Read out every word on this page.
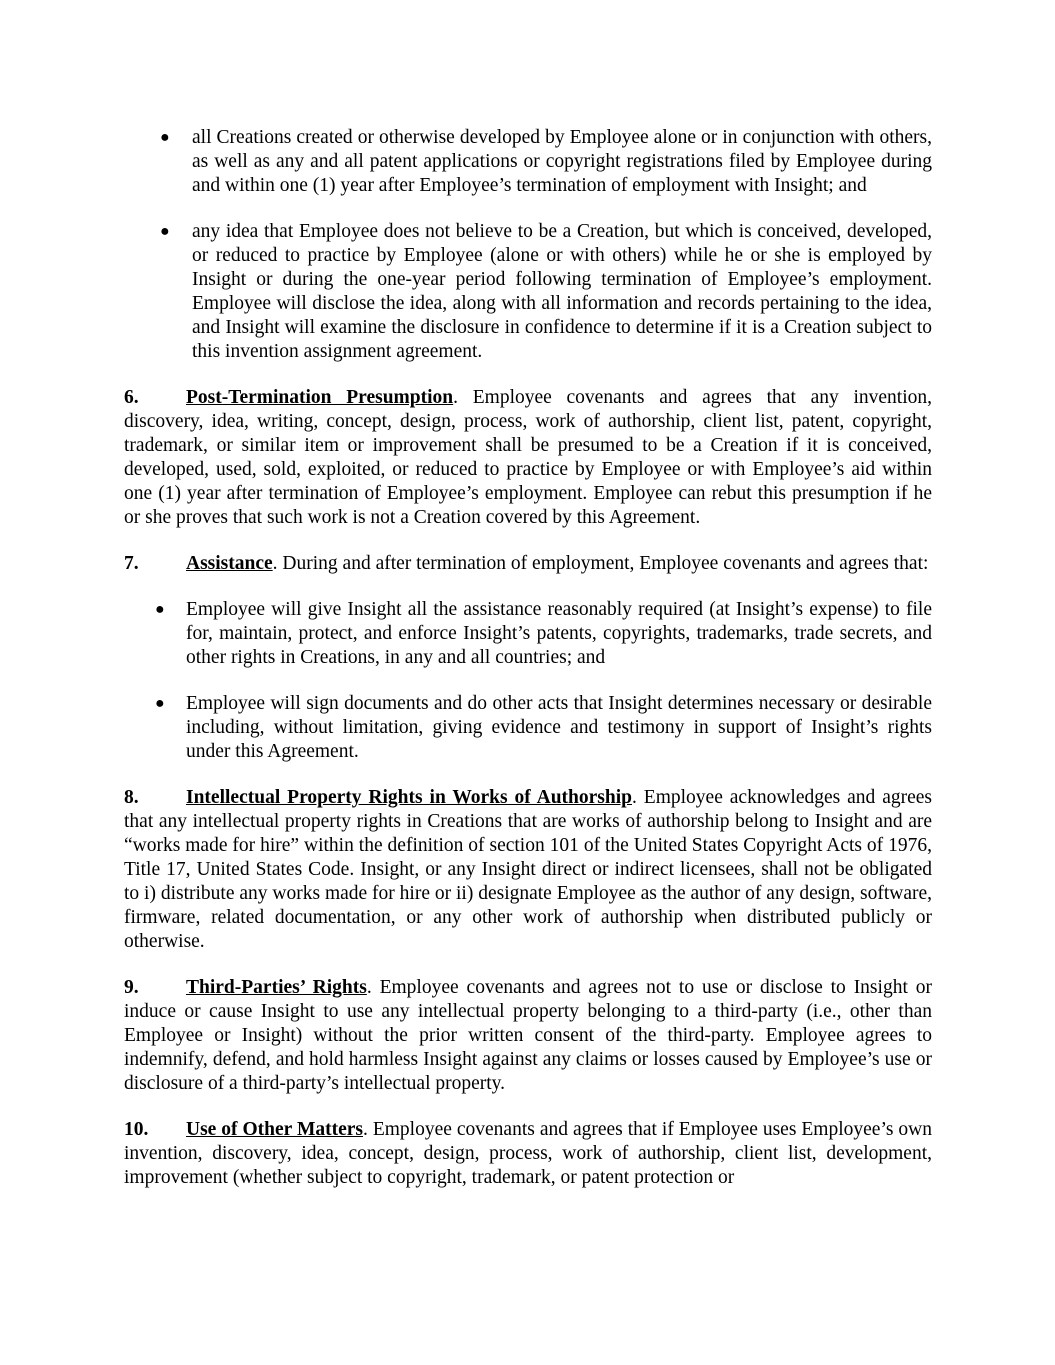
● all Creations created or otherwise developed by Employee alone or in conjunction with others, as well as any and all patent applications or copyright registrations filed by Employee during and within one (1) year after Employee’s termination of employment with Insight; and
● any idea that Employee does not believe to be a Creation, but which is conceived, developed, or reduced to practice by Employee (alone or with others) while he or she is employed by Insight or during the one-year period following termination of Employee’s employment. Employee will disclose the idea, along with all information and records pertaining to the idea, and Insight will examine the disclosure in confidence to determine if it is a Creation subject to this invention assignment agreement.

6. Post-Termination Presumption. Employee covenants and agrees that any invention, discovery, idea, writing, concept, design, process, work of authorship, client list, patent, copyright, trademark, or similar item or improvement shall be presumed to be a Creation if it is conceived, developed, used, sold, exploited, or reduced to practice by Employee or with Employee’s aid within one (1) year after termination of Employee’s employment. Employee can rebut this presumption if he or she proves that such work is not a Creation covered by this Agreement.

7. Assistance. During and after termination of employment, Employee covenants and agrees that:

● Employee will give Insight all the assistance reasonably required (at Insight’s expense) to file for, maintain, protect, and enforce Insight’s patents, copyrights, trademarks, trade secrets, and other rights in Creations, in any and all countries; and
● Employee will sign documents and do other acts that Insight determines necessary or desirable including, without limitation, giving evidence and testimony in support of Insight’s rights under this Agreement.

8. Intellectual Property Rights in Works of Authorship. Employee acknowledges and agrees that any intellectual property rights in Creations that are works of authorship belong to Insight and are “works made for hire” within the definition of section 101 of the United States Copyright Acts of 1976, Title 17, United States Code. Insight, or any Insight direct or indirect licensees, shall not be obligated to i) distribute any works made for hire or ii) designate Employee as the author of any design, software, firmware, related documentation, or any other work of authorship when distributed publicly or otherwise.

9. Third-Parties’ Rights. Employee covenants and agrees not to use or disclose to Insight or induce or cause Insight to use any intellectual property belonging to a third-party (i.e., other than Employee or Insight) without the prior written consent of the third-party. Employee agrees to indemnify, defend, and hold harmless Insight against any claims or losses caused by Employee’s use or disclosure of a third-party’s intellectual property.

10. Use of Other Matters. Employee covenants and agrees that if Employee uses Employee’s own invention, discovery, idea, concept, design, process, work of authorship, client list, development, improvement (whether subject to copyright, trademark, or patent protection or
